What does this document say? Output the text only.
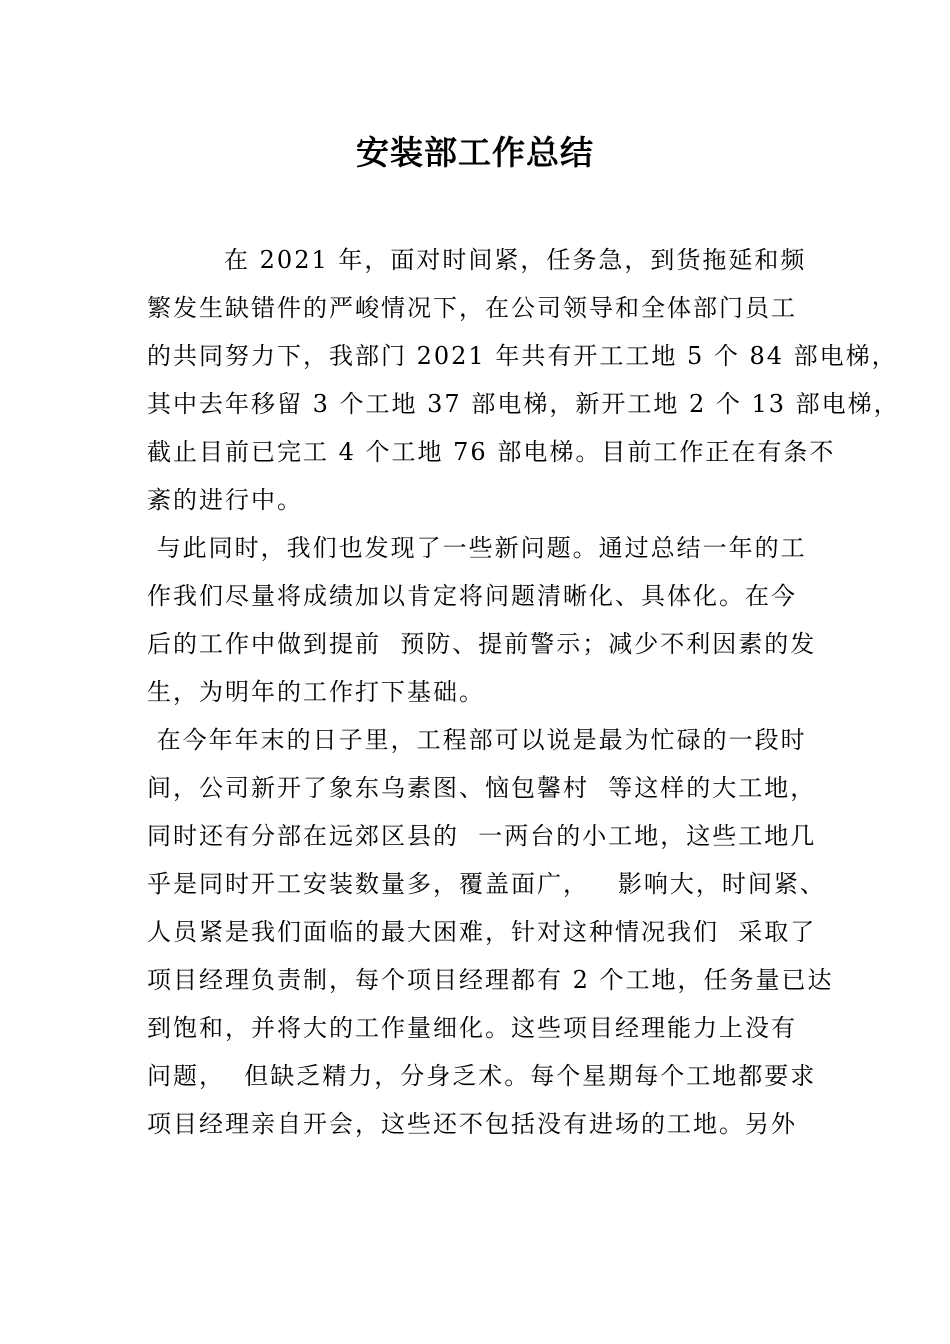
安装部工作总结
在 2021 年，面对时间紧，任务急，到货拖延和频
繁发生缺错件的严峻情况下，在公司领导和全体部门员工
的共同努力下，我部门 2021 年共有开工工地 5 个 84 部电梯，
其中去年移留 3 个工地 37 部电梯，新开工地 2 个 13 部电梯，
截止目前已完工 4 个工地 76 部电梯。目前工作正在有条不
紊的进行中。
与此同时，我们也发现了一些新问题。通过总结一年的工
作我们尽量将成绩加以肯定将问题清晰化、具体化。在今
后的工作中做到提前  预防、提前警示；减少不利因素的发
生，为明年的工作打下基础。
在今年年末的日子里，工程部可以说是最为忙碌的一段时
间，公司新开了象东乌素图、恼包馨村  等这样的大工地，
同时还有分部在远郊区县的  一两台的小工地，这些工地几
乎是同时开工安装数量多，覆盖面广，   影响大，时间紧、
人员紧是我们面临的最大困难，针对这种情况我们  采取了
项目经理负责制，每个项目经理都有 2 个工地，任务量已达
到饱和，并将大的工作量细化。这些项目经理能力上没有
问题，  但缺乏精力，分身乏术。每个星期每个工地都要求
项目经理亲自开会，这些还不包括没有进场的工地。另外
